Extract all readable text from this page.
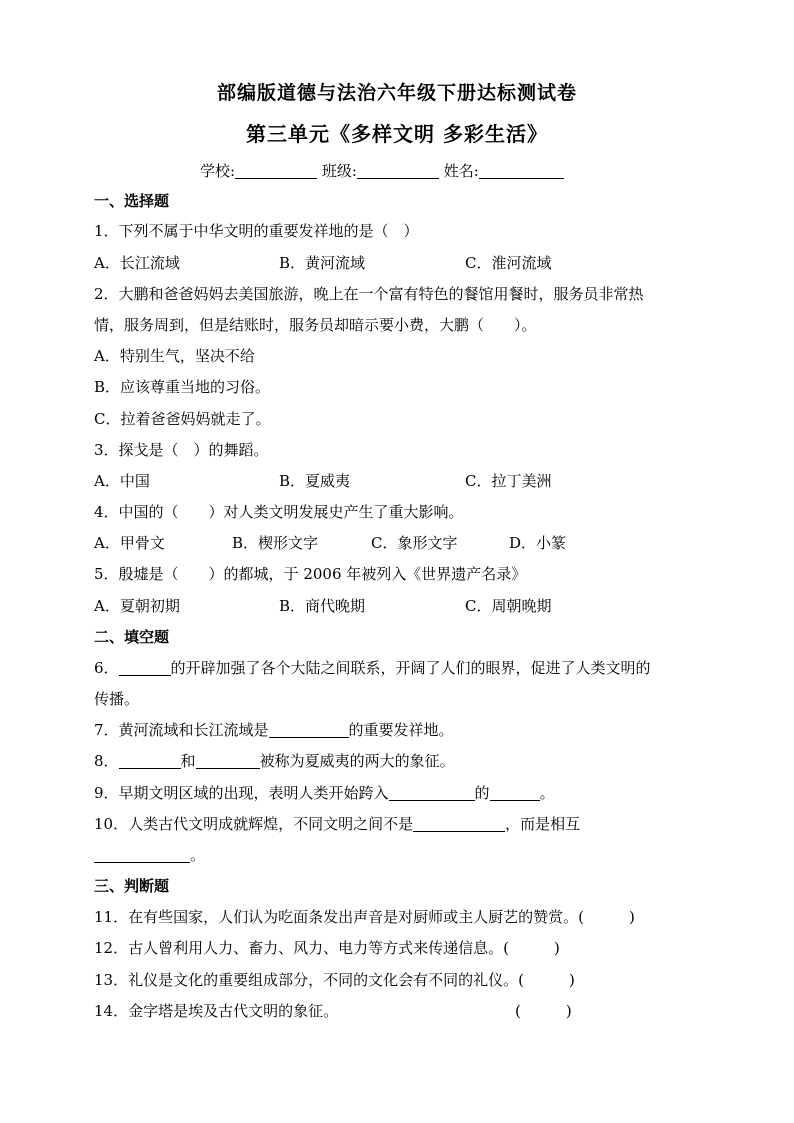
部编版道德与法治六年级下册达标测试卷
第三单元《多样文明 多彩生活》
学校:	班级:	姓名:
一、选择题
1．下列不属于中华文明的重要发祥地的是（　）
A．长江流域	B．黄河流域	C．淮河流域
2．大鹏和爸爸妈妈去美国旅游，晚上在一个富有特色的餐馆用餐时，服务员非常热
情，服务周到，但是结账时，服务员却暗示要小费，大鹏（　　）。
A．特别生气，坚决不给
B．应该尊重当地的习俗。
C．拉着爸爸妈妈就走了。
3．探戈是（　）的舞蹈。
A．中国	B．夏威夷	C．拉丁美洲
4．中国的（　　）对人类文明发展史产生了重大影响。
A．甲骨文	B．楔形文字	C．象形文字	D．小篆
5．殷墟是（　　）的都城，于 2006 年被列入《世界遗产名录》
A．夏朝初期	B．商代晚期	C．周朝晚期
二、填空题
6．	的开辟加强了各个大陆之间联系，开阔了人们的眼界，促进了人类文明的
传播。
7．黄河流域和长江流域是	的重要发祥地。
8．	和	被称为夏威夷的两大的象征。
9．早期文明区域的出现，表明人类开始跨入	的	。
10．人类古代文明成就辉煌，不同文明之间不是	，而是相互
。
三、判断题
11．在有些国家，人们认为吃面条发出声音是对厨师或主人厨艺的赞赏。(　　　)
12．古人曾利用人力、畜力、风力、电力等方式来传递信息。(　　　)
13．礼仪是文化的重要组成部分，不同的文化会有不同的礼仪。(　　　)
14．金字塔是埃及古代文明的象征。	(　　　)
